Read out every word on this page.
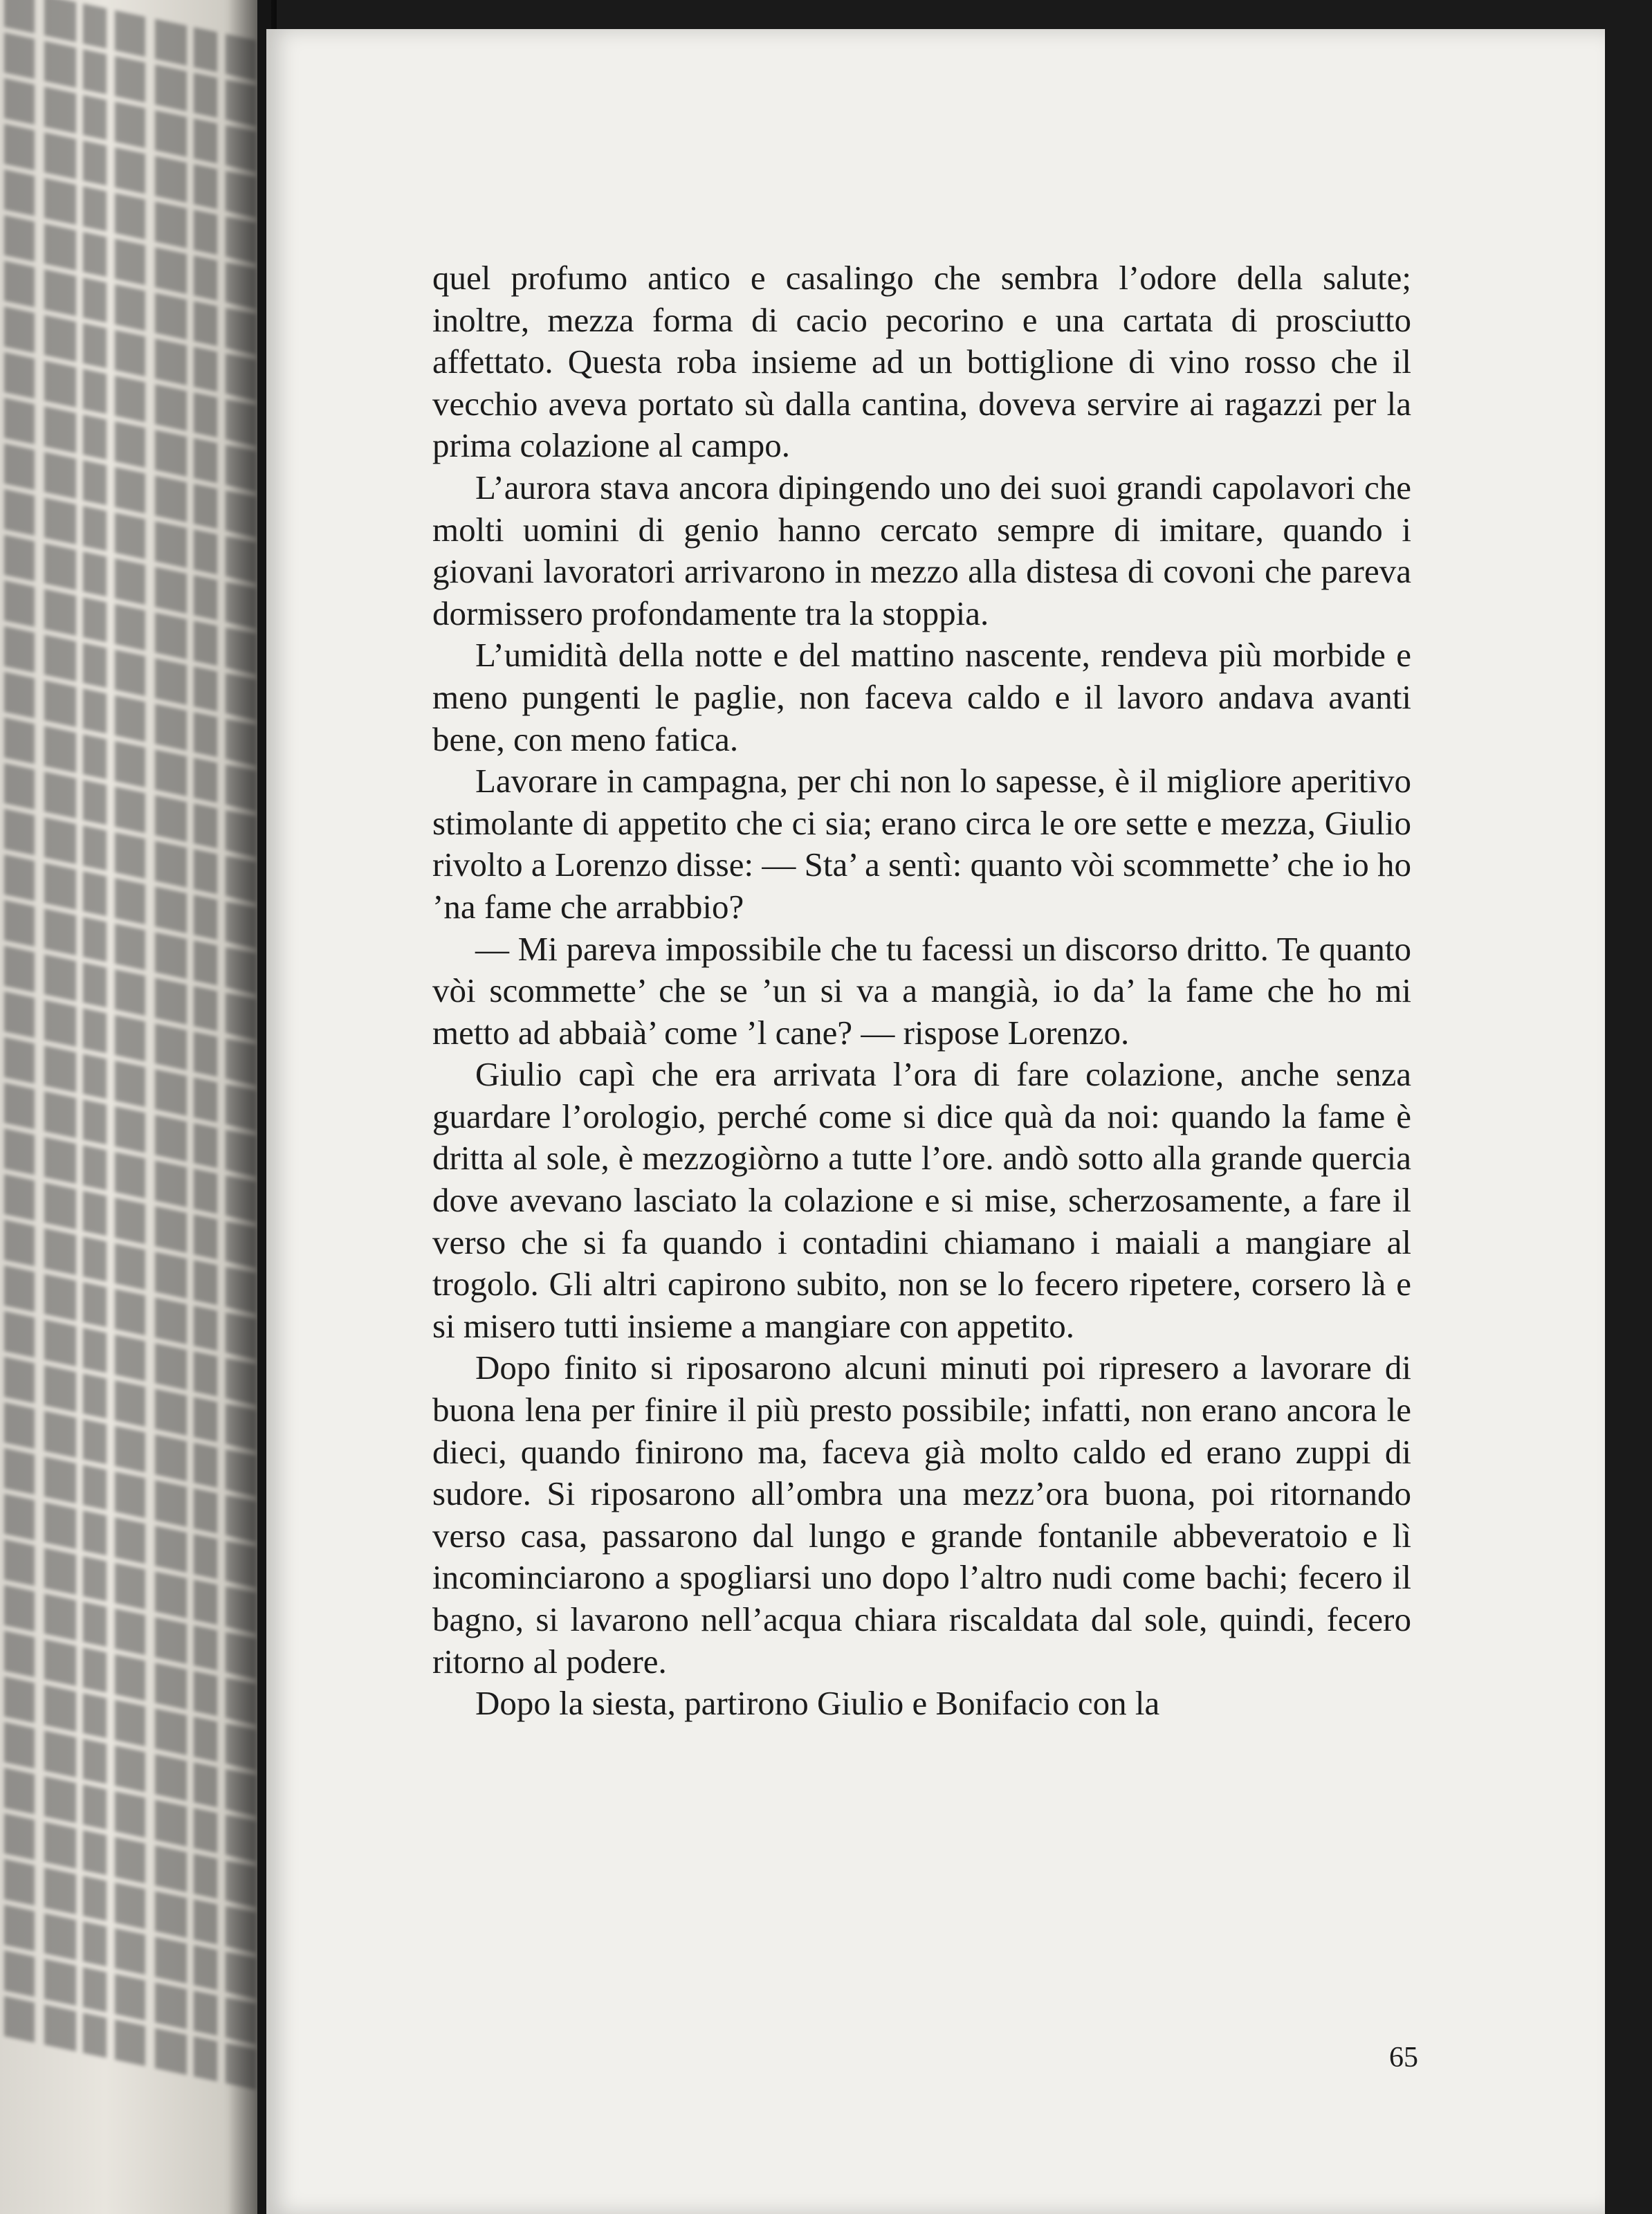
quel profumo antico e casalingo che sembra l’odore della salute; inoltre, mezza forma di cacio pecorino e una cartata di prosciutto affettato. Questa roba insieme ad un bottiglione di vino rosso che il vecchio aveva portato sù dalla cantina, doveva servire ai ragazzi per la prima colazione al campo.

L’aurora stava ancora dipingendo uno dei suoi grandi capolavori che molti uomini di genio hanno cercato sempre di imitare, quando i giovani lavoratori arrivarono in mezzo alla distesa di covoni che pareva dormissero profondamente tra la stoppia.

L’umidità della notte e del mattino nascente, rendeva più morbide e meno pungenti le paglie, non faceva caldo e il lavoro andava avanti bene, con meno fatica.

Lavorare in campagna, per chi non lo sapesse, è il migliore aperitivo stimolante di appetito che ci sia; erano circa le ore sette e mezza, Giulio rivolto a Lorenzo disse: — Sta’ a sentì: quanto vòi scommette’ che io ho ’na fame che arrabbio?

— Mi pareva impossibile che tu facessi un discorso dritto. Te quanto vòi scommette’ che se ’un si va a mangià, io da’ la fame che ho mi metto ad abbaià’ come ’l cane? — rispose Lorenzo.

Giulio capì che era arrivata l’ora di fare colazione, anche senza guardare l’orologio, perché come si dice quà da noi: quando la fame è dritta al sole, è mezzogiòrno a tutte l’ore. andò sotto alla grande quercia dove avevano lasciato la colazione e si mise, scherzosamente, a fare il verso che si fa quando i contadini chiamano i maiali a mangiare al trogolo. Gli altri capirono subito, non se lo fecero ripetere, corsero là e si misero tutti insieme a mangiare con appetito.

Dopo finito si riposarono alcuni minuti poi ripresero a lavorare di buona lena per finire il più presto possibile; infatti, non erano ancora le dieci, quando finirono ma, faceva già molto caldo ed erano zuppi di sudore. Si riposarono all’ombra una mezz’ora buona, poi ritornando verso casa, passarono dal lungo e grande fontanile abbeveratoio e lì incominciarono a spogliarsi uno dopo l’altro nudi come bachi; fecero il bagno, si lavarono nell’acqua chiara riscaldata dal sole, quindi, fecero ritorno al podere.

Dopo la siesta, partirono Giulio e Bonifacio con la

65
